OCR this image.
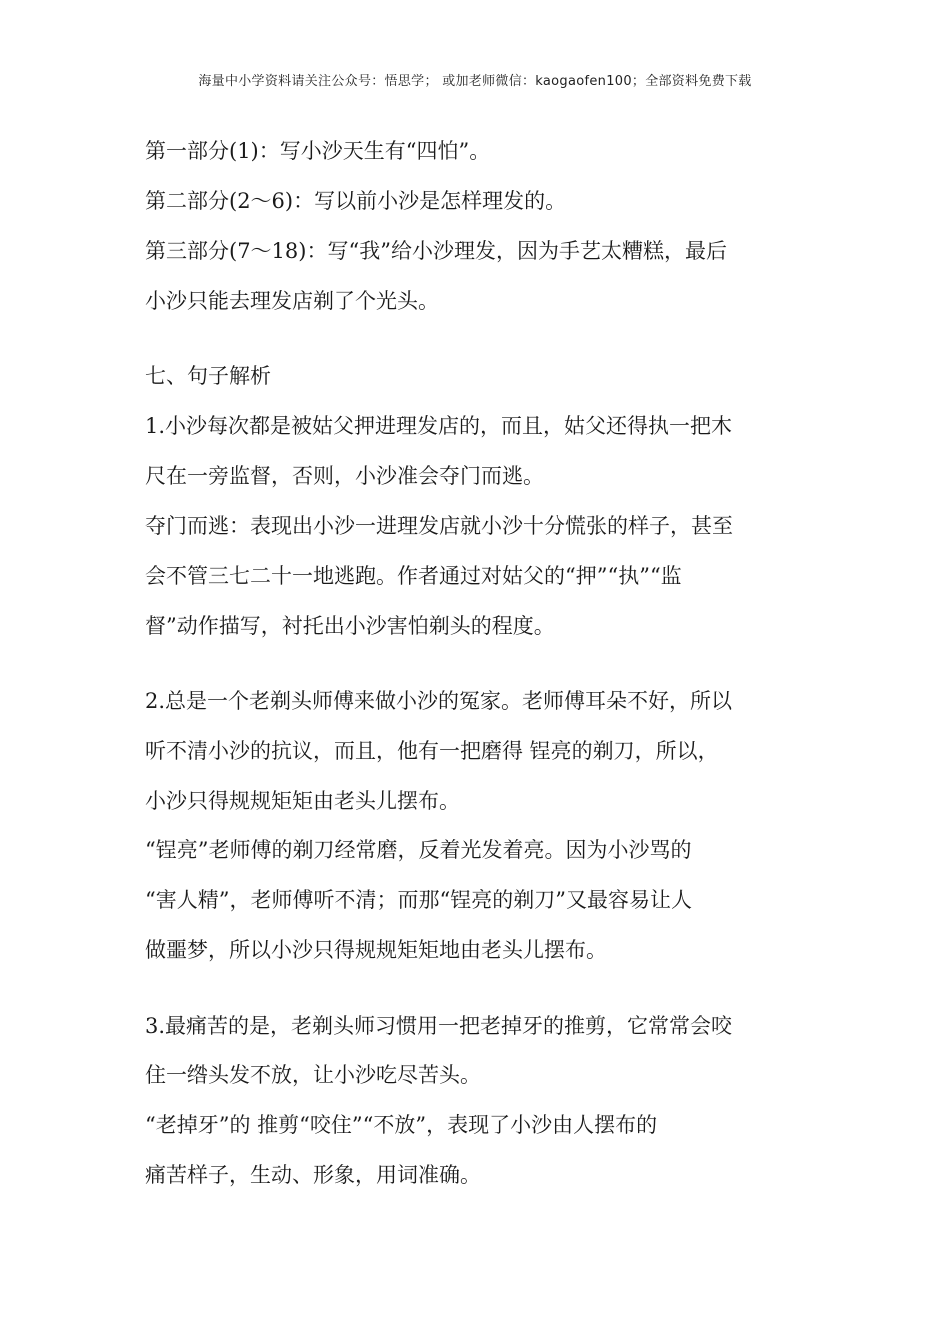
海量中小学资料请关注公众号：悟思学； 或加老师微信：kaogaofen100；全部资料免费下载
第一部分(1)：写小沙天生有“四怕”。
第二部分(2～6)：写以前小沙是怎样理发的。
第三部分(7～18)：写“我”给小沙理发，因为手艺太糟糕，最后
小沙只能去理发店剃了个光头。
七、句子解析
1.小沙每次都是被姑父押进理发店的，而且，姑父还得执一把木
尺在一旁监督，否则，小沙准会夺门而逃。
夺门而逃：表现出小沙一进理发店就小沙十分慌张的样子，甚至
会不管三七二十一地逃跑。作者通过对姑父的“押”“执”“监
督”动作描写，衬托出小沙害怕剃头的程度。
2.总是一个老剃头师傅来做小沙的冤家。老师傅耳朵不好，所以
听不清小沙的抗议，而且，他有一把磨得 锃亮的剃刀，所以，
小沙只得规规矩矩由老头儿摆布。
“锃亮”老师傅的剃刀经常磨，反着光发着亮。因为小沙骂的
“害人精”，老师傅听不清；而那“锃亮的剃刀”又最容易让人
做噩梦，所以小沙只得规规矩矩地由老头儿摆布。
3.最痛苦的是，老剃头师习惯用一把老掉牙的推剪，它常常会咬
住一绺头发不放，让小沙吃尽苦头。
“老掉牙”的 推剪“咬住”“不放”，表现了小沙由人摆布的
痛苦样子，生动、形象，用词准确。
